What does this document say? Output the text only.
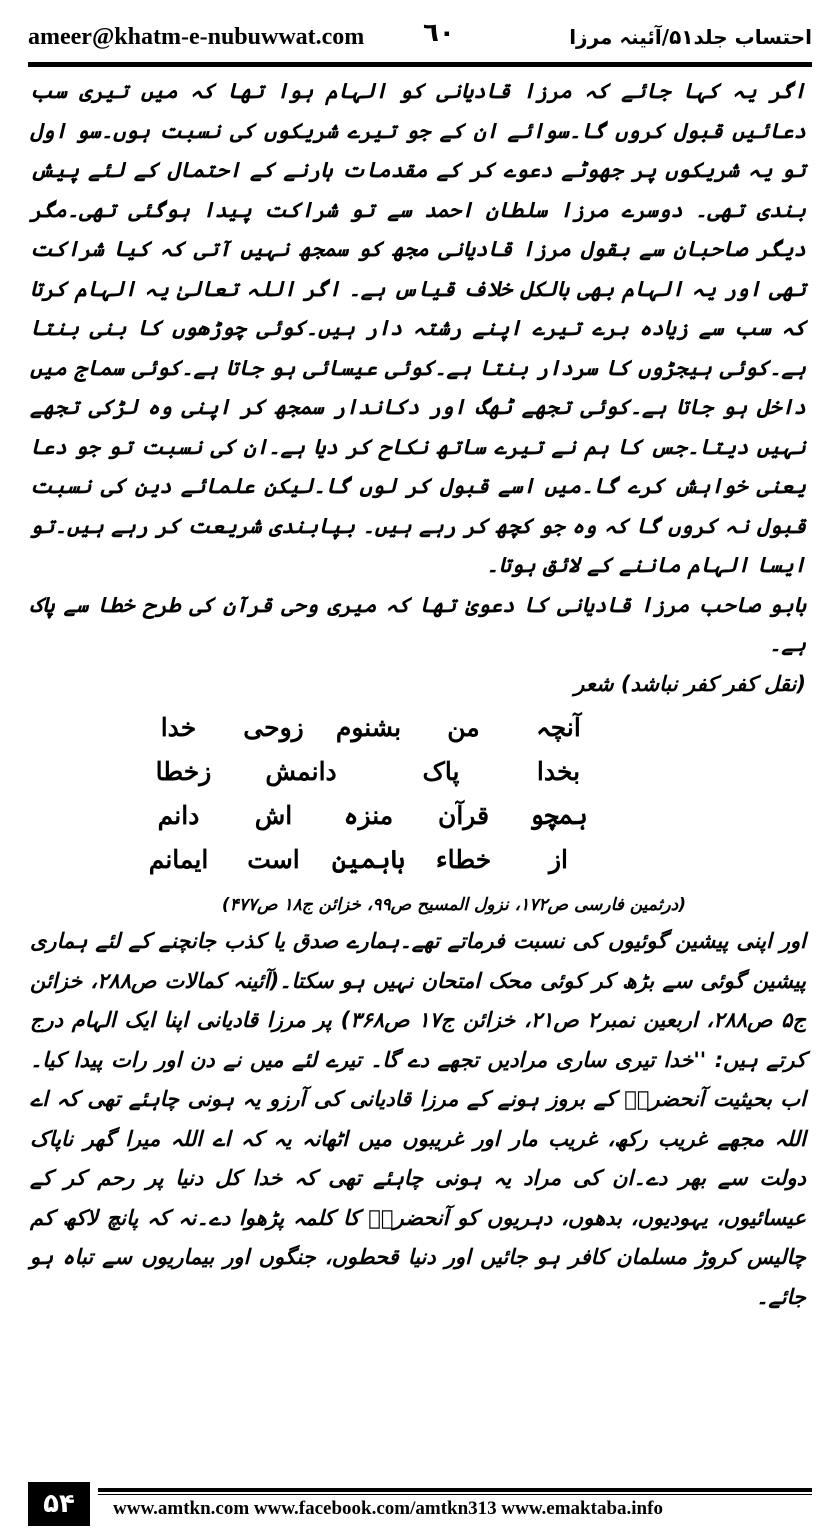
ameer@khatm-e-nubuwwat.com ٦٠	احتساب جلد۵۱/آئینہ مرزا

اگر یہ کہا جائے کہ مرزا قادیانی کو الہام ہوا تھا کہ میں تیری سب دعائیں قبول کروں گا۔سوائے ان کے جو تیرے شریکوں کی نسبت ہوں۔سو اول تو یہ شریکوں پر جھوٹے دعوے کر کے مقدمات ہارنے کے احتمال کے لئے پیش بندی تھی۔ دوسرے مرزا سلطان احمد سے تو شراکت پیدا ہوگئی تھی۔مگر دیگر صاحبان سے بقول مرزا قادیانی مجھ کو سمجھ نہیں آتی کہ کیا شراکت تھی اور یہ الہام بھی بالکل خلاف قیاس ہے۔ اگر اللہ تعالیٰ یہ الہام کرتا کہ سب سے زیادہ برے تیرے اپنے رشتہ دار ہیں۔کوئی چوڑھوں کا بنی بنتا ہے۔کوئی ہیجڑوں کا سردار بنتا ہے۔کوئی عیسائی ہو جاتا ہے۔کوئی سماج میں داخل ہو جاتا ہے۔کوئی تجھے ٹھگ اور دکاندار سمجھ کر اپنی وہ لڑکی تجھے نہیں دیتا۔جس کا ہم نے تیرے ساتھ نکاح کر دیا ہے۔ان کی نسبت تو جو دعا یعنی خواہش کرے گا۔میں اسے قبول کر لوں گا۔لیکن علمائے دین کی نسبت قبول نہ کروں گا کہ وہ جو کچھ کر رہے ہیں۔ بپابندی شریعت کر رہے ہیں۔تو ایسا الہام ماننے کے لائق ہوتا۔

بابو صاحب مرزا قادیانی کا دعویٰ تھا کہ میری وحی قرآن کی طرح خطا سے پاک ہے۔

(نقل کفر کفر نباشد) شعر

آنچہ
من
بشنوم
زوحی
خدا
بخدا
پاک
دانمش
زخطا
ہمچو
قرآن
منزہ
اش
دانم
از
خطاء
ہاہمین
است
ایمانم

(درثمین فارسی ص۱۷۲، نزول المسیح ص۹۹، خزائن ج۱۸ ص۴۷۷)

اور اپنی پیشین گوئیوں کی نسبت فرماتے تھے۔ہمارے صدق یا کذب جانچنے کے لئے ہماری پیشین گوئی سے بڑھ کر کوئی محک امتحان نہیں ہو سکتا۔(آئینہ کمالات ص۲۸۸، خزائن ج۵ ص۲۸۸، اربعین نمبر۲ ص۲۱، خزائن ج۱۷ ص۳۶۸) پر مرزا قادیانی اپنا ایک الہام درج کرتے ہیں: ''خدا تیری ساری مرادیں تجھے دے گا۔ تیرے لئے میں نے دن اور رات پیدا کیا۔اب بحیثیت آنحضرتؐ کے بروز ہونے کے مرزا قادیانی کی آرزو یہ ہونی چاہئے تھی کہ اے اللہ مجھے غریب رکھ، غریب مار اور غریبوں میں اٹھانہ یہ کہ اے اللہ میرا گھر ناپاک دولت سے بھر دے۔ان کی مراد یہ ہونی چاہئے تھی کہ خدا کل دنیا پر رحم کر کے عیسائیوں، یہودیوں، بدھوں، دہریوں کو آنحضرتؐ کا کلمہ پڑھوا دے۔نہ کہ پانچ لاکھ کم چالیس کروڑ مسلمان کافر ہو جائیں اور دنیا قحطوں، جنگوں اور بیماریوں سے تباہ ہو جائے۔

۵۴	www.amtkn.com www.facebook.com/amtkn313 www.emaktaba.info
